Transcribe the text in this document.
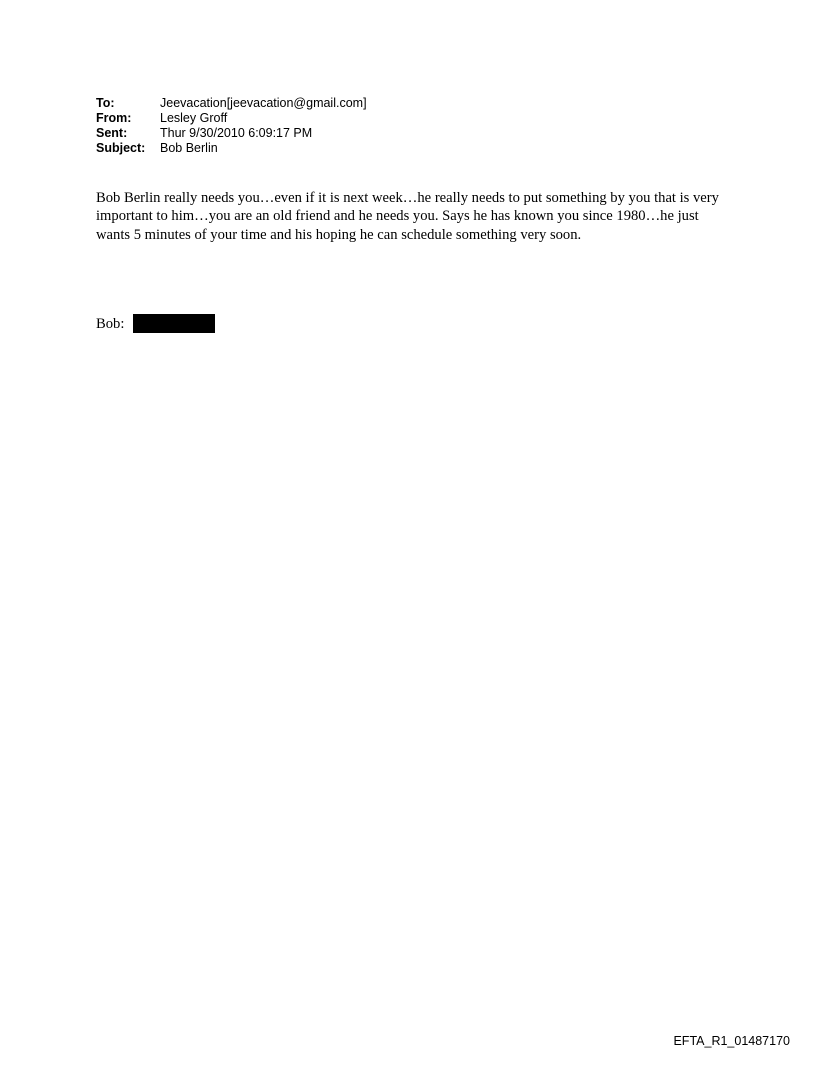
To:	Jeevacation[jeevacation@gmail.com]
From:	Lesley Groff
Sent:	Thur 9/30/2010 6:09:17 PM
Subject:	Bob Berlin

Bob Berlin really needs you…even if it is next week…he really needs to put something by you that is very important to him…you are an old friend and he needs you. Says he has known you since 1980…he just wants 5 minutes of your time and his hoping he can schedule something very soon.

Bob:
EFTA_R1_01487170
